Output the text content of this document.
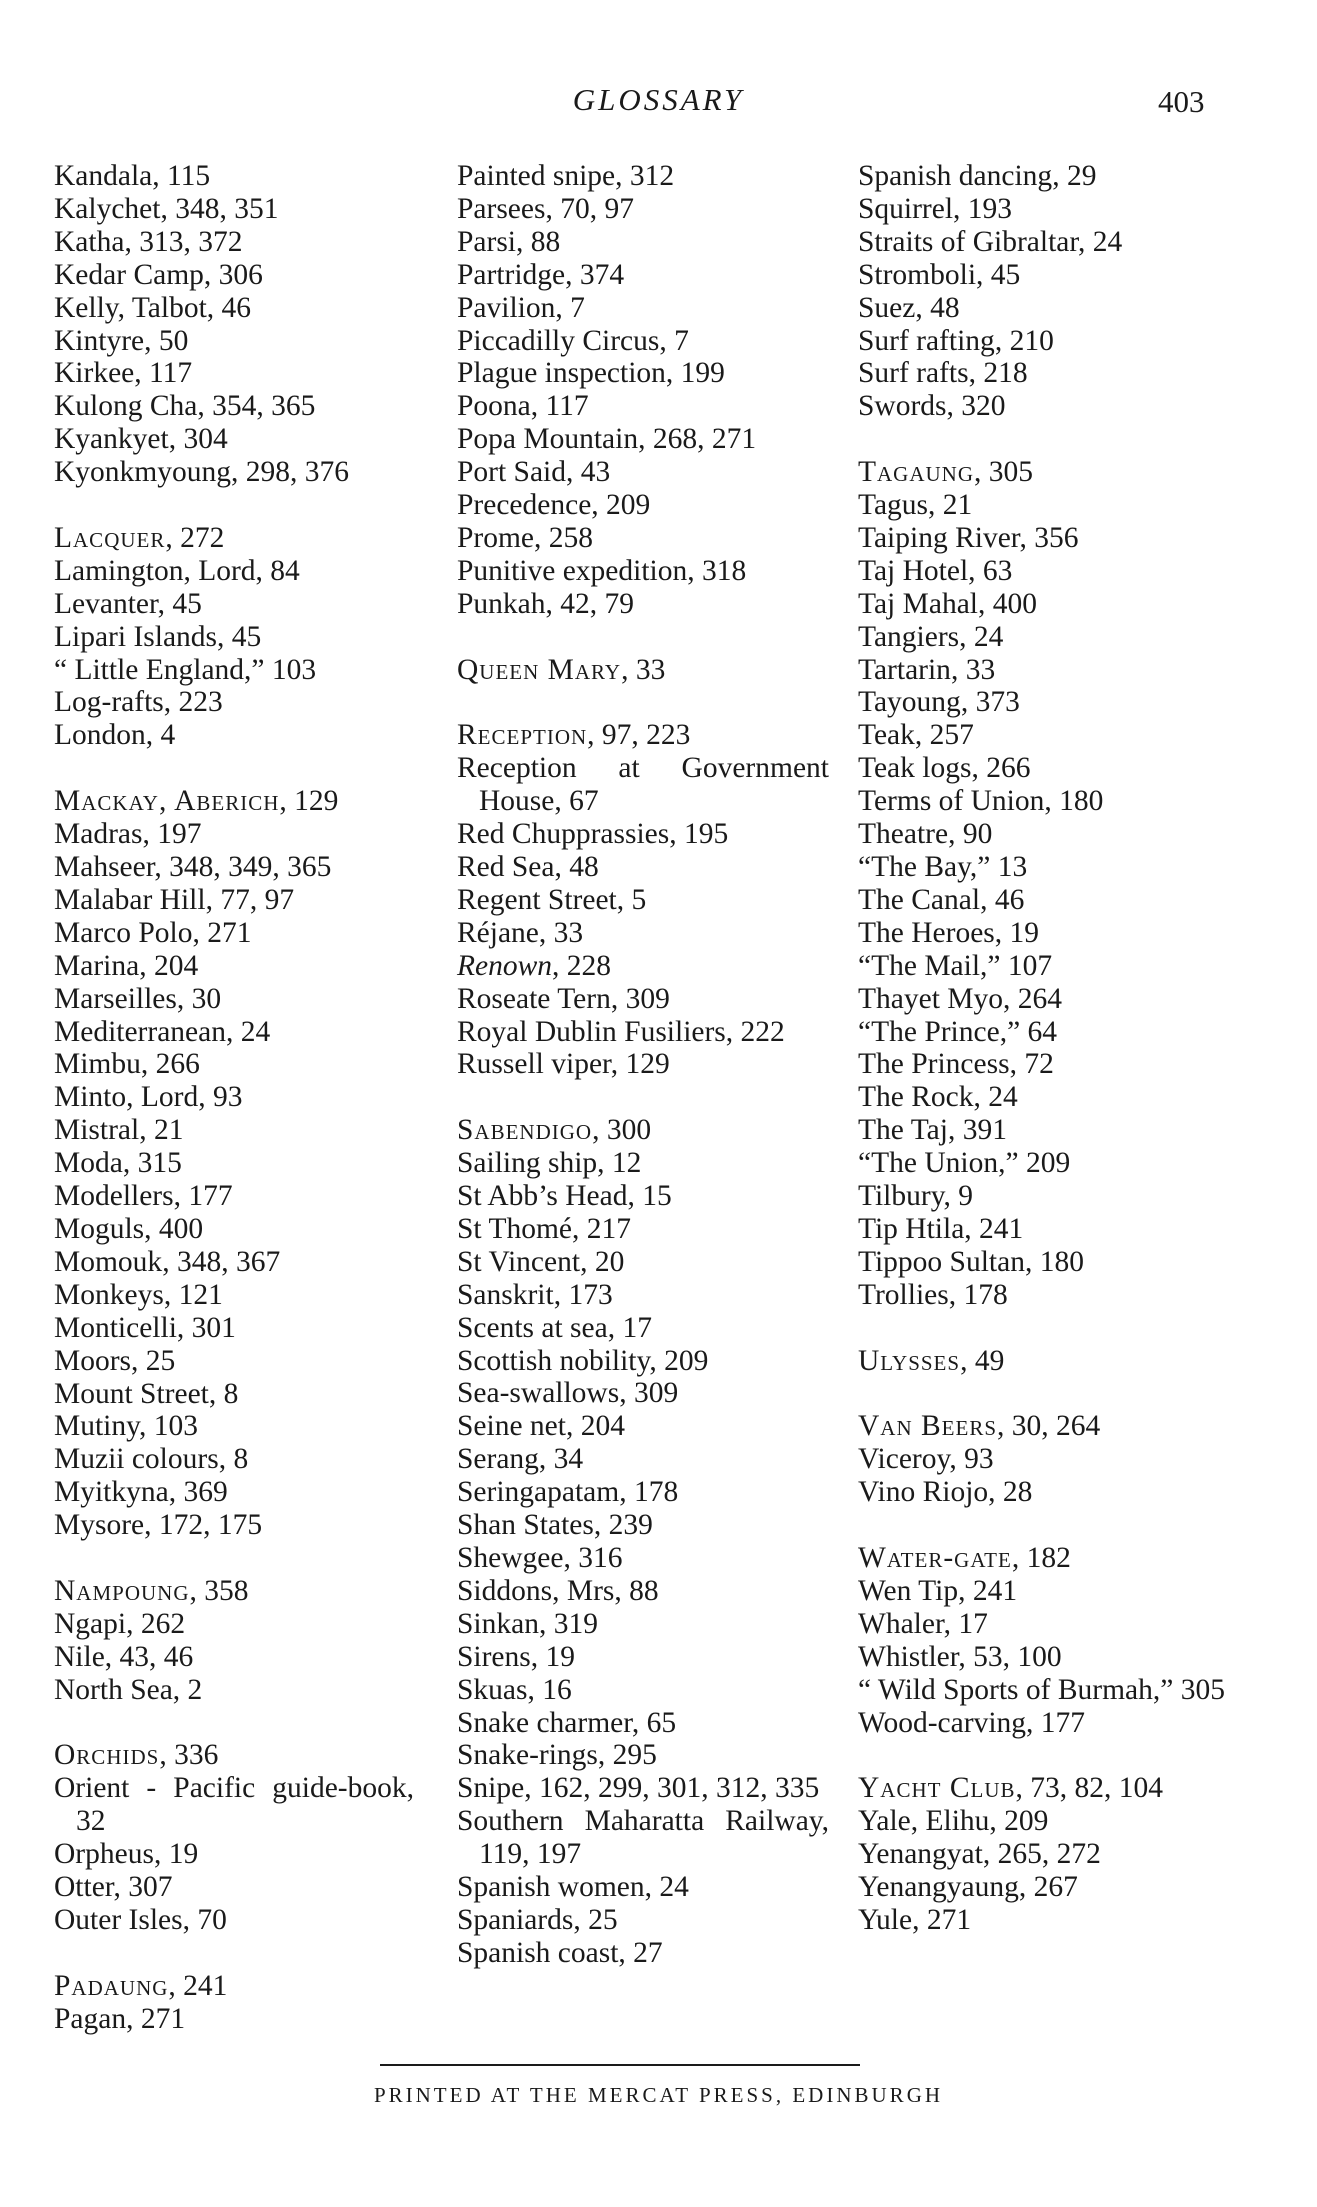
GLOSSARY	403
Kandala, 115
Kalychet, 348, 351
Katha, 313, 372
Kedar Camp, 306
Kelly, Talbot, 46
Kintyre, 50
Kirkee, 117
Kulong Cha, 354, 365
Kyankyet, 304
Kyonkmyoung, 298, 376
Lacquer, 272
Lamington, Lord, 84
Levanter, 45
Lipari Islands, 45
“ Little England,” 103
Log-rafts, 223
London, 4
Mackay, Aberich, 129
Madras, 197
Mahseer, 348, 349, 365
Malabar Hill, 77, 97
Marco Polo, 271
Marina, 204
Marseilles, 30
Mediterranean, 24
Mimbu, 266
Minto, Lord, 93
Mistral, 21
Moda, 315
Modellers, 177
Moguls, 400
Momouk, 348, 367
Monkeys, 121
Monticelli, 301
Moors, 25
Mount Street, 8
Mutiny, 103
Muzii colours, 8
Myitkyna, 369
Mysore, 172, 175
Nampoung, 358
Ngapi, 262
Nile, 43, 46
North Sea, 2
Orchids, 336
Orient - Pacific guide-book, 32
Orpheus, 19
Otter, 307
Outer Isles, 70
Padaung, 241
Pagan, 271
Painted snipe, 312
Parsees, 70, 97
Parsi, 88
Partridge, 374
Pavilion, 7
Piccadilly Circus, 7
Plague inspection, 199
Poona, 117
Popa Mountain, 268, 271
Port Said, 43
Precedence, 209
Prome, 258
Punitive expedition, 318
Punkah, 42, 79
Queen Mary, 33
Reception, 97, 223
Reception at Government House, 67
Red Chupprassies, 195
Red Sea, 48
Regent Street, 5
Réjane, 33
Renown, 228
Roseate Tern, 309
Royal Dublin Fusiliers, 222
Russell viper, 129
Sabendigo, 300
Sailing ship, 12
St Abb’s Head, 15
St Thomé, 217
St Vincent, 20
Sanskrit, 173
Scents at sea, 17
Scottish nobility, 209
Sea-swallows, 309
Seine net, 204
Serang, 34
Seringapatam, 178
Shan States, 239
Shewgee, 316
Siddons, Mrs, 88
Sinkan, 319
Sirens, 19
Skuas, 16
Snake charmer, 65
Snake-rings, 295
Snipe, 162, 299, 301, 312, 335
Southern Maharatta Railway, 119, 197
Spanish women, 24
Spaniards, 25
Spanish coast, 27
Spanish dancing, 29
Squirrel, 193
Straits of Gibraltar, 24
Stromboli, 45
Suez, 48
Surf rafting, 210
Surf rafts, 218
Swords, 320
Tagaung, 305
Tagus, 21
Taiping River, 356
Taj Hotel, 63
Taj Mahal, 400
Tangiers, 24
Tartarin, 33
Tayoung, 373
Teak, 257
Teak logs, 266
Terms of Union, 180
Theatre, 90
“The Bay,” 13
The Canal, 46
The Heroes, 19
“The Mail,” 107
Thayet Myo, 264
“The Prince,” 64
The Princess, 72
The Rock, 24
The Taj, 391
“The Union,” 209
Tilbury, 9
Tip Htila, 241
Tippoo Sultan, 180
Trollies, 178
Ulysses, 49
Van Beers, 30, 264
Viceroy, 93
Vino Riojo, 28
Water-gate, 182
Wen Tip, 241
Whaler, 17
Whistler, 53, 100
“ Wild Sports of Burmah,” 305
Wood-carving, 177
Yacht Club, 73, 82, 104
Yale, Elihu, 209
Yenangyat, 265, 272
Yenangyaung, 267
Yule, 271

PRINTED AT THE MERCAT PRESS, EDINBURGH
